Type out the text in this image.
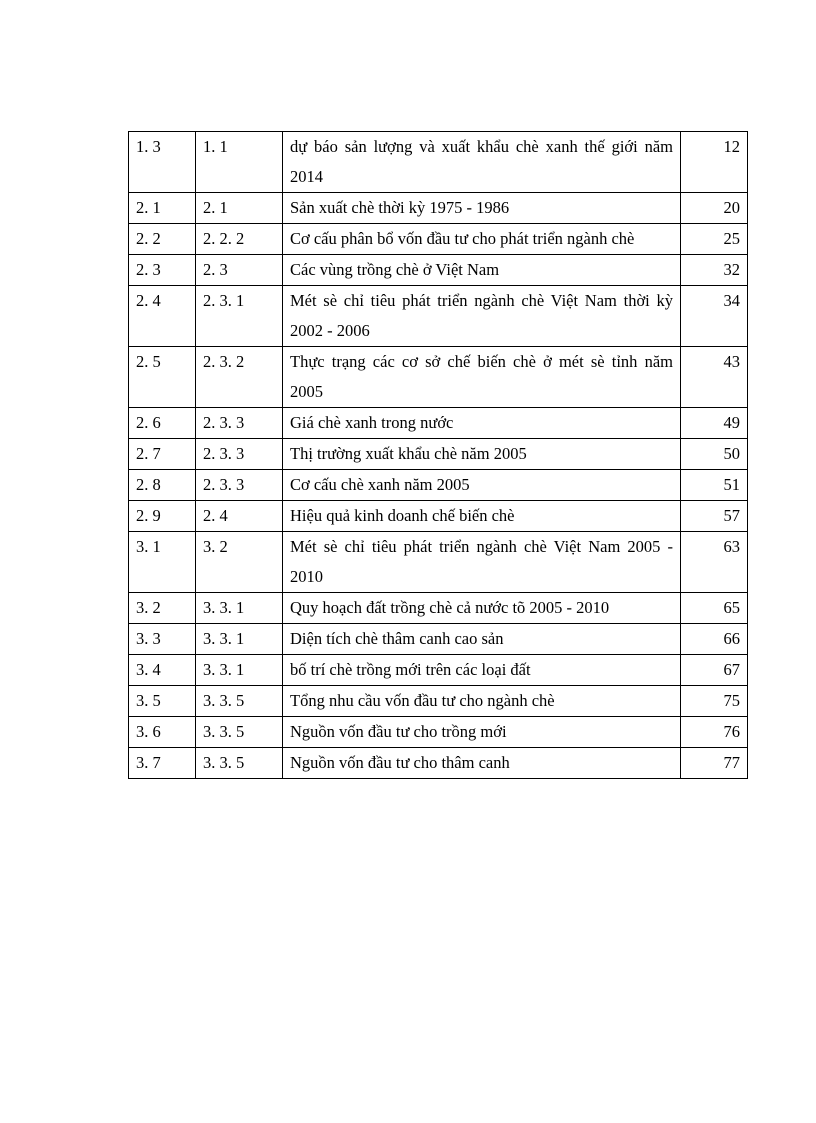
1. 3	1. 1	dự báo sản lượng và xuất khẩu chè xanh thế giới năm 2014	12
2. 1	2. 1	Sản xuất chè thời kỳ 1975 - 1986	20
2. 2	2. 2. 2	Cơ cấu phân bổ vốn đầu tư cho phát triển ngành chè	25
2. 3	2. 3	Các vùng trồng chè ở Việt Nam	32
2. 4	2. 3. 1	Mét sè chỉ tiêu phát triển ngành chè Việt Nam thời kỳ 2002 - 2006	34
2. 5	2. 3. 2	Thực trạng các cơ sở chế biến chè ở mét sè tỉnh năm 2005	43
2. 6	2. 3. 3	Giá chè xanh trong nước	49
2. 7	2. 3. 3	Thị trường xuất khẩu chè năm 2005	50
2. 8	2. 3. 3	Cơ cấu chè xanh năm 2005	51
2. 9	2. 4	Hiệu quả kinh doanh chế biến chè	57
3. 1	3. 2	Mét sè chỉ tiêu phát triển ngành chè Việt Nam 2005 - 2010	63
3. 2	3. 3. 1	Quy hoạch đất trồng chè cả nước tõ 2005 - 2010	65
3. 3	3. 3. 1	Diện tích chè thâm canh cao sản	66
3. 4	3. 3. 1	bố trí chè trồng mới trên các loại đất	67
3. 5	3. 3. 5	Tổng nhu cầu vốn đầu tư cho ngành chè	75
3. 6	3. 3. 5	Nguồn vốn đầu tư cho trồng mới	76
3. 7	3. 3. 5	Nguồn vốn đầu tư cho thâm canh	77
